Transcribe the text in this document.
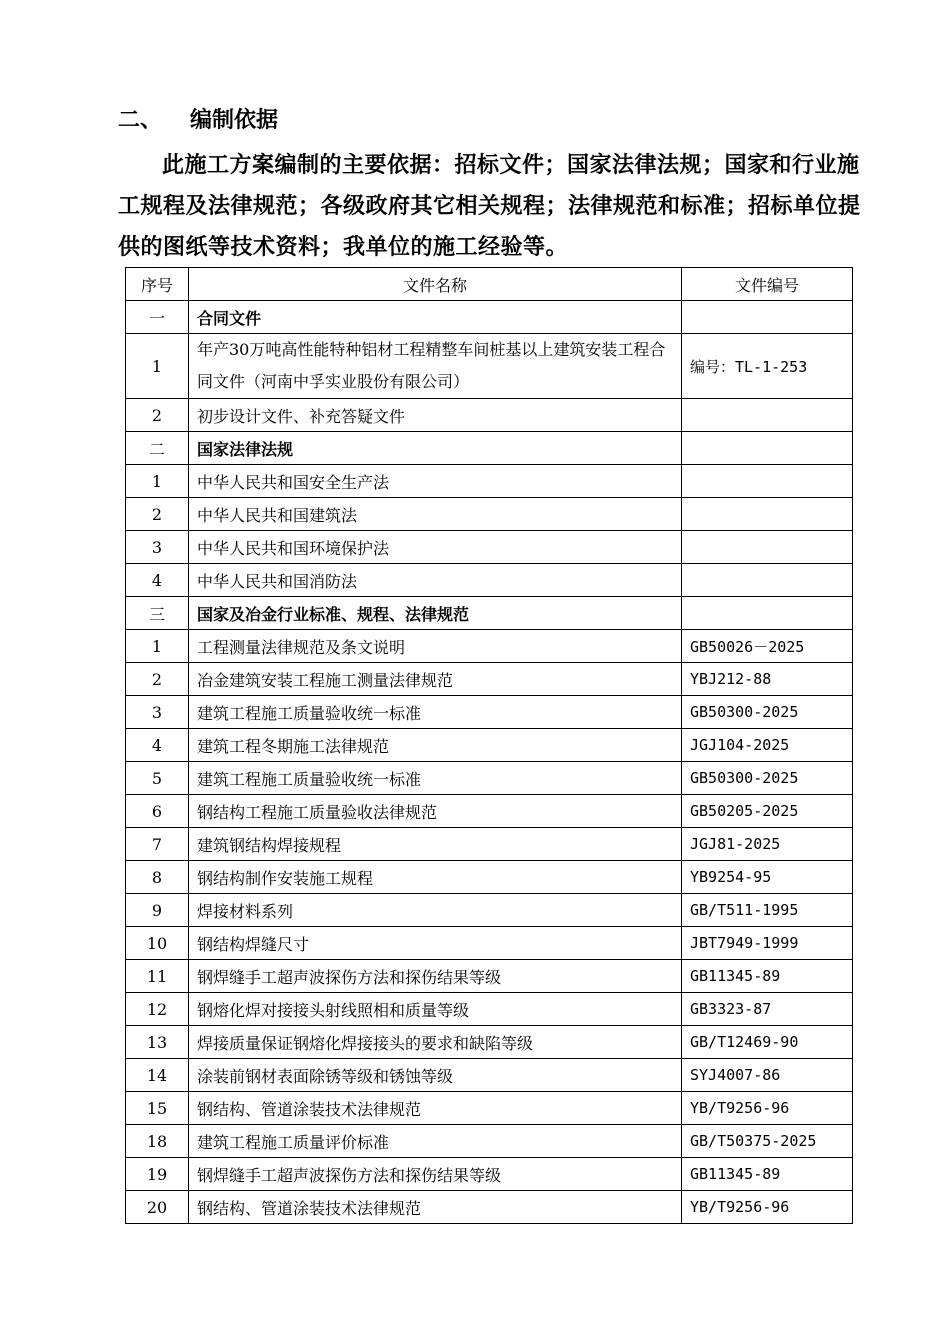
二、 编制依据
此施工方案编制的主要依据：招标文件；国家法律法规；国家和行业施工规程及法律规范；各级政府其它相关规程；法律规范和标准；招标单位提供的图纸等技术资料；我单位的施工经验等。
序号	文件名称	文件编号
一	合同文件	
1	年产30万吨高性能特种铝材工程精整车间桩基以上建筑安装工程合同文件（河南中孚实业股份有限公司）	编号：TL-1-253
2	初步设计文件、补充答疑文件	
二	国家法律法规	
1	中华人民共和国安全生产法	
2	中华人民共和国建筑法	
3	中华人民共和国环境保护法	
4	中华人民共和国消防法	
三	国家及冶金行业标准、规程、法律规范	
1	工程测量法律规范及条文说明	GB50026－2025
2	冶金建筑安装工程施工测量法律规范	YBJ212-88
3	建筑工程施工质量验收统一标准	GB50300-2025
4	建筑工程冬期施工法律规范	JGJ104-2025
5	建筑工程施工质量验收统一标准	GB50300-2025
6	钢结构工程施工质量验收法律规范	GB50205-2025
7	建筑钢结构焊接规程	JGJ81-2025
8	钢结构制作安装施工规程	YB9254-95
9	焊接材料系列	GB/T511-1995
10	钢结构焊缝尺寸	JBT7949-1999
11	钢焊缝手工超声波探伤方法和探伤结果等级	GB11345-89
12	钢熔化焊对接接头射线照相和质量等级	GB3323-87
13	焊接质量保证钢熔化焊接接头的要求和缺陷等级	GB/T12469-90
14	涂装前钢材表面除锈等级和锈蚀等级	SYJ4007-86
15	钢结构、管道涂装技术法律规范	YB/T9256-96
18	建筑工程施工质量评价标准	GB/T50375-2025
19	钢焊缝手工超声波探伤方法和探伤结果等级	GB11345-89
20	钢结构、管道涂装技术法律规范	YB/T9256-96
